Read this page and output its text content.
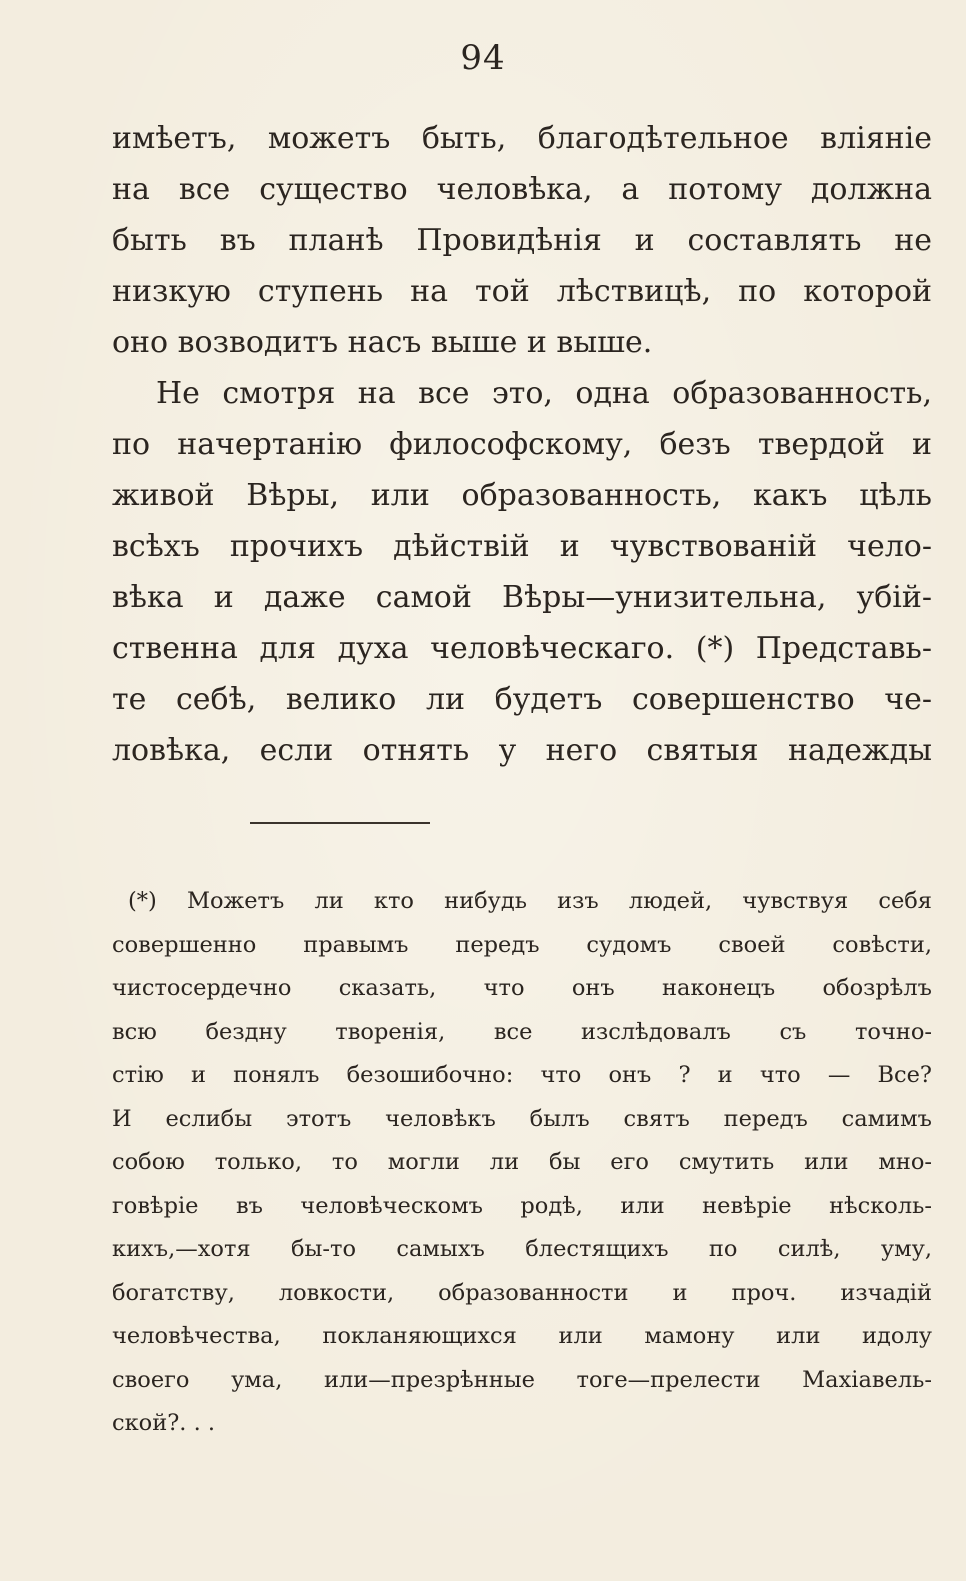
94
имѣетъ, можетъ быть, благодѣтельное вліяніе
на все существо человѣка, а потому должна
быть въ планѣ Провидѣнія и составлять не
низкую ступень на той лѣствицѣ, по которой
оно возводитъ насъ выше и выше.
Не смотря на все это, одна образованность,
по начертанію философскому, безъ твердой и
живой Вѣры, или образованность, какъ цѣль
всѣхъ прочихъ дѣйствій и чувствованій чело-
вѣка и даже самой Вѣры—унизительна, убій-
ственна для духа человѣческаго. (*) Представь-
те себѣ, велико ли будетъ совершенство че-
ловѣка, если отнять у него святыя надежды
(*) Можетъ ли кто нибудь изъ людей, чувствуя себя
совершенно правымъ передъ судомъ своей совѣсти,
чистосердечно сказать, что онъ наконецъ обозрѣлъ
всю бездну творенія, все изслѣдовалъ съ точно-
стію и понялъ безошибочно: что онъ ? и что — Все?
И еслибы этотъ человѣкъ былъ святъ передъ самимъ
собою только, то могли ли бы его смутить или мно-
говѣріе въ человѣческомъ родѣ, или невѣріе нѣсколь-
кихъ,—хотя бы-то самыхъ блестящихъ по силѣ, уму,
богатству, ловкости, образованности и проч. изчадій
человѣчества, покланяющихся или мамону или идолу
своего ума, или—презрѣнные тоге—прелести Махіавель-
ской?. . .
